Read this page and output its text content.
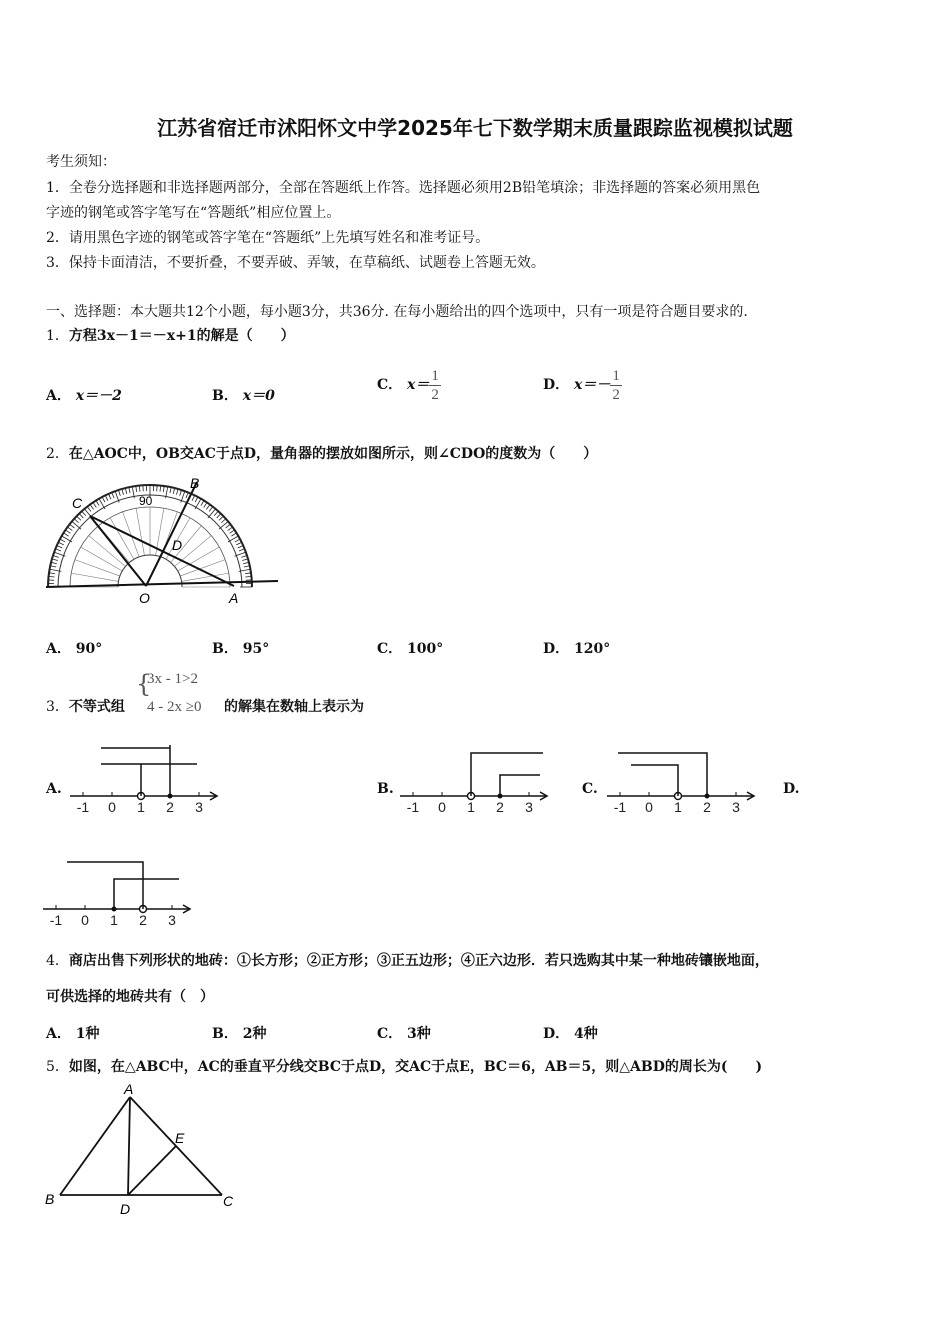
江苏省宿迁市沭阳怀文中学2025年七下数学期末质量跟踪监视模拟试题
考生须知：
1．全卷分选择题和非选择题两部分，全部在答题纸上作答。选择题必须用2B铅笔填涂；非选择题的答案必须用黑色
字迹的钢笔或答字笔写在“答题纸”相应位置上。
2．请用黑色字迹的钢笔或答字笔在“答题纸”上先填写姓名和准考证号。
3．保持卡面清洁，不要折叠，不要弄破、弄皱，在草稿纸、试题卷上答题无效。
一、选择题：本大题共12个小题，每小题3分，共36分. 在每小题给出的四个选项中，只有一项是符合题目要求的.
1．方程3x－1＝－x+1的解是（　　）
A． x＝－2	B． x＝0
C． $x= \frac{1}{2}$	D． $x=- \frac{1}{2}$
2．在△AOC中，OB交AC于点D，量角器的摆放如图所示，则∠CDO的度数为（　　）
C
B
D
O	A
90
A． 90°	B． 95°	C． 100°	D． 120°
3．不等式组
{
3x - 1>2
4 - 2x ≥0 的解集在数轴上表示为
A.	B.	C.	D.
-1 0 1 2 3	-1 0 1 2 3	-1 0 1 2 3
-1 0 1 2 3
4．商店出售下列形状的地砖：①长方形；②正方形；③正五边形；④正六边形．若只选购其中某一种地砖镶嵌地面，
可供选择的地砖共有（　）
A． 1种	B． 2种	C． 3种	D． 4种
5．如图，在△ABC中，AC的垂直平分线交BC于点D，交AC于点E，BC＝6，AB＝5，则△ABD的周长为(　　)
A
E
B
D	C
